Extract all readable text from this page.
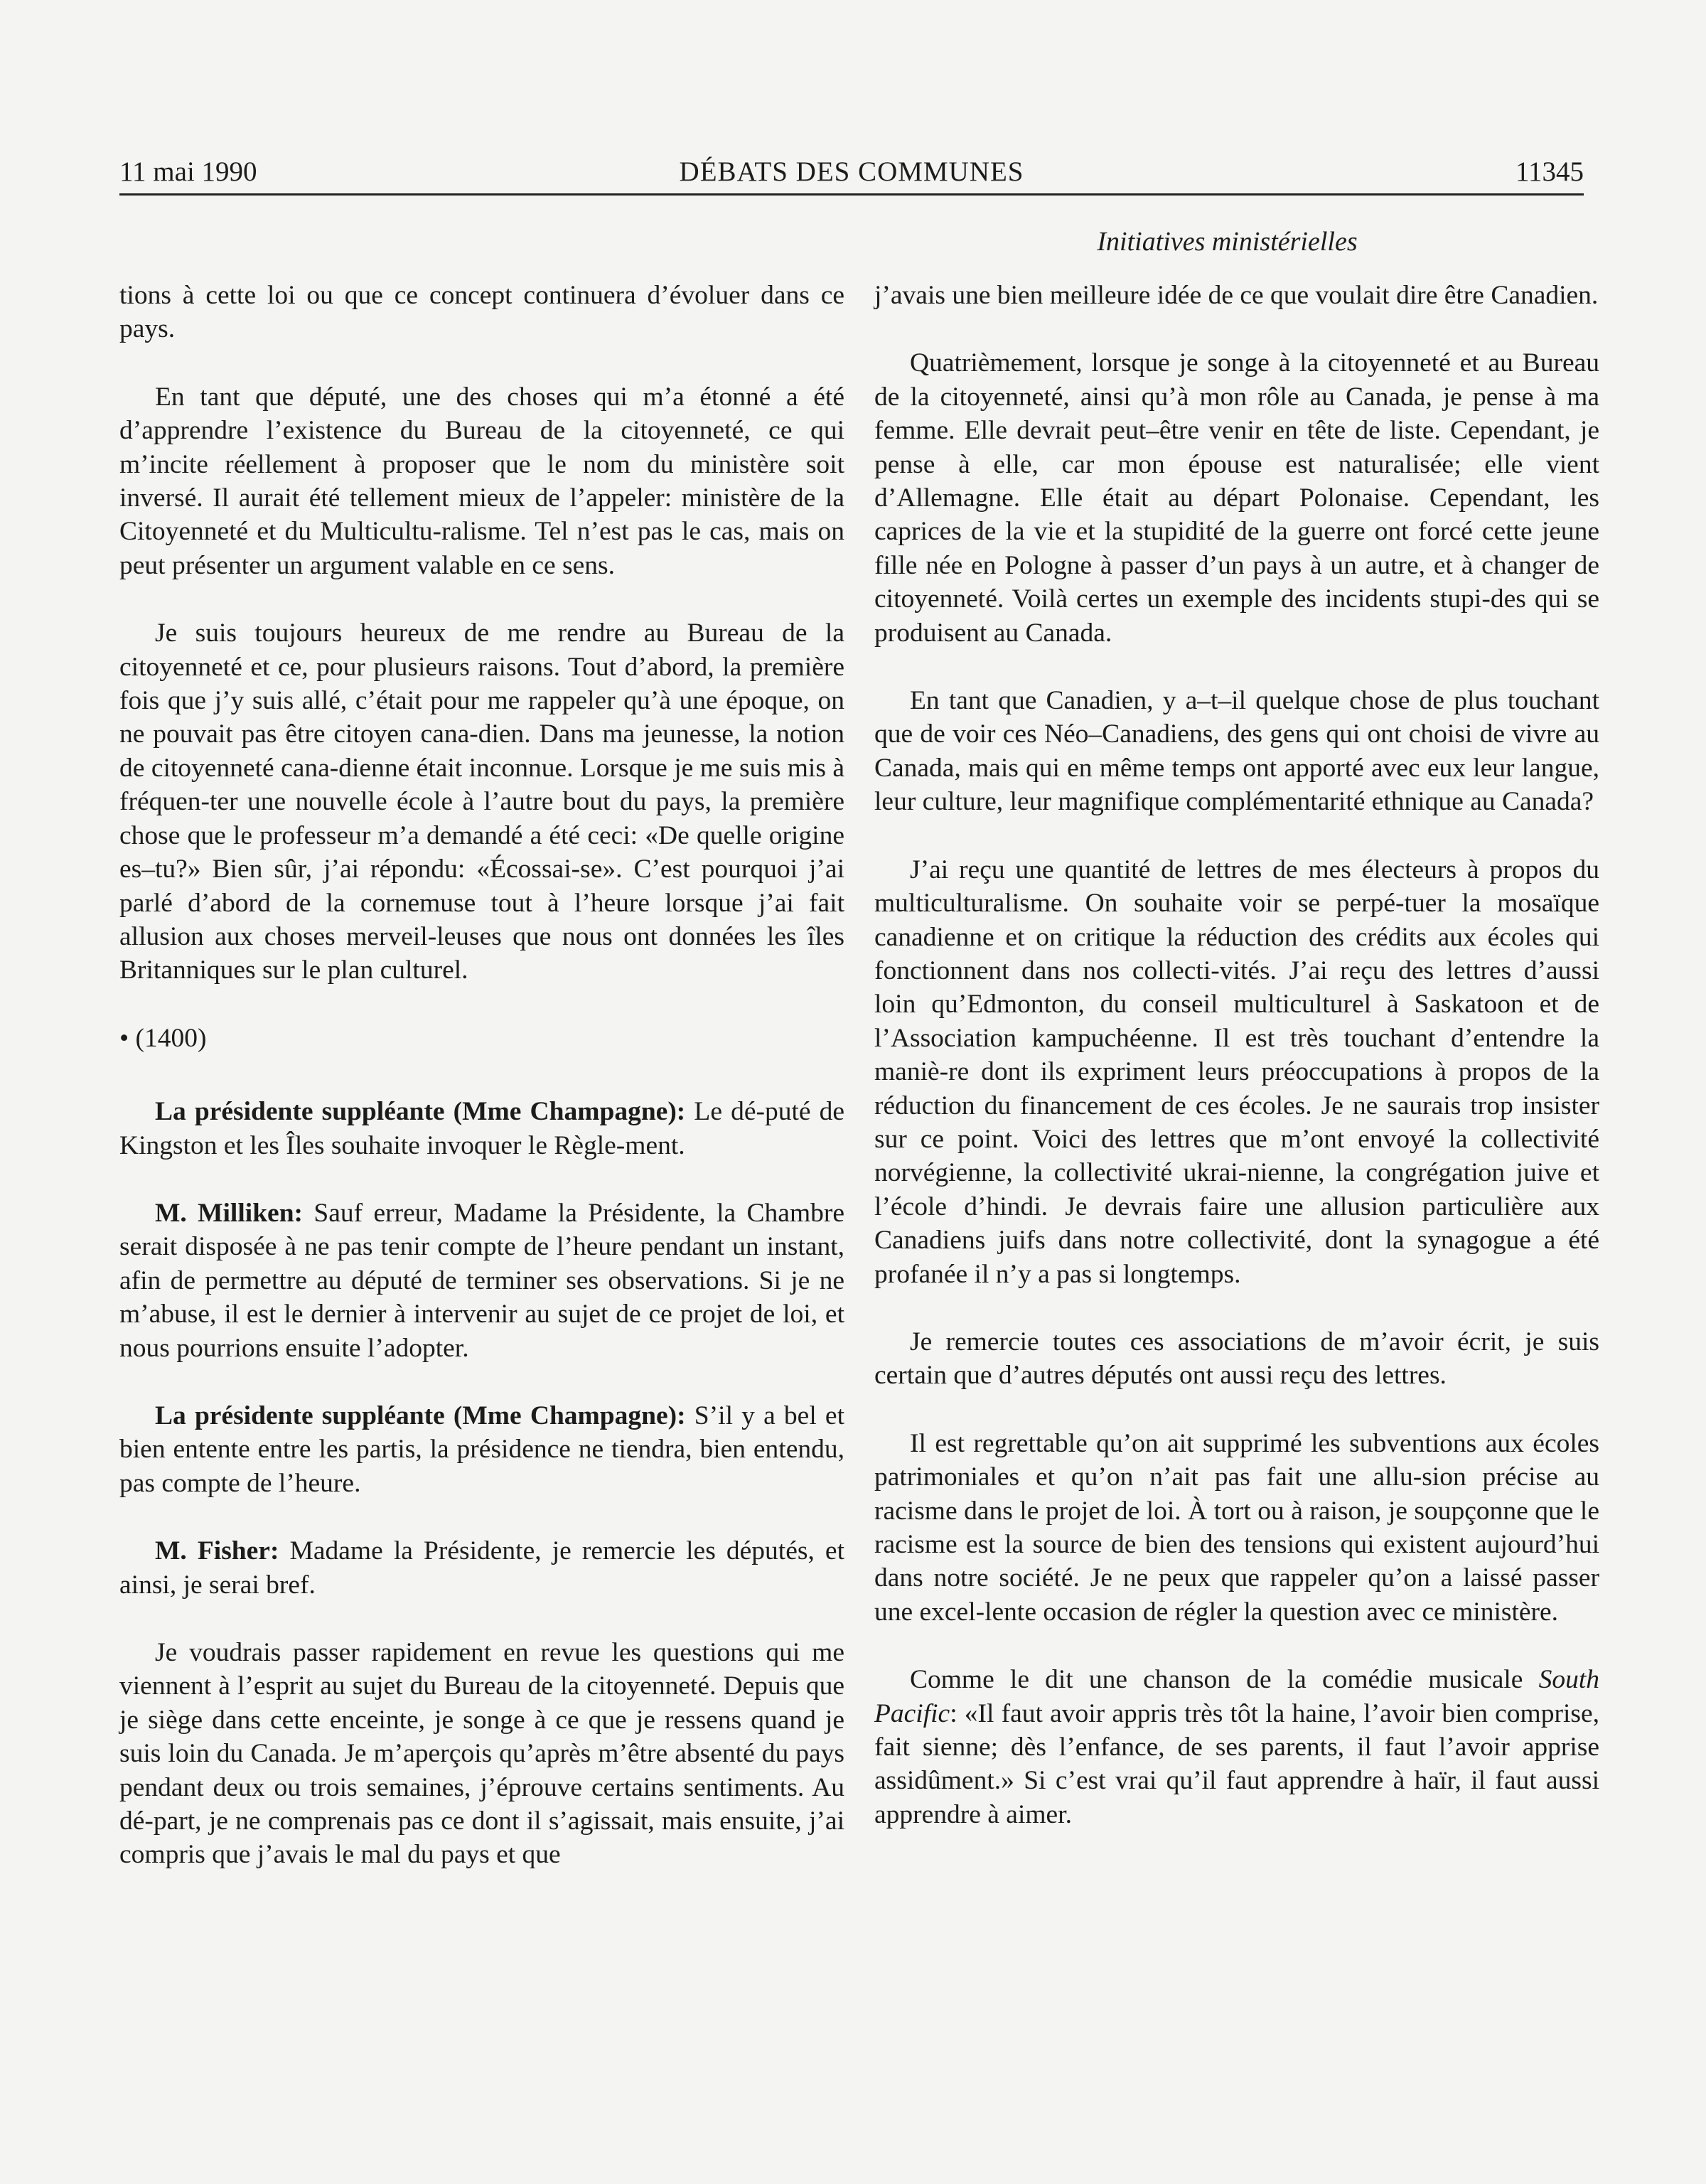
11 mai 1990	DÉBATS DES COMMUNES	11345
Initiatives ministérielles

tions à cette loi ou que ce concept continuera d’évoluer dans ce pays.

En tant que député, une des choses qui m’a étonné a été d’apprendre l’existence du Bureau de la citoyenneté, ce qui m’incite réellement à proposer que le nom du ministère soit inversé. Il aurait été tellement mieux de l’appeler: ministère de la Citoyenneté et du Multicultu-ralisme. Tel n’est pas le cas, mais on peut présenter un argument valable en ce sens.

Je suis toujours heureux de me rendre au Bureau de la citoyenneté et ce, pour plusieurs raisons. Tout d’abord, la première fois que j’y suis allé, c’était pour me rappeler qu’à une époque, on ne pouvait pas être citoyen cana-dien. Dans ma jeunesse, la notion de citoyenneté cana-dienne était inconnue. Lorsque je me suis mis à fréquen-ter une nouvelle école à l’autre bout du pays, la première chose que le professeur m’a demandé a été ceci: «De quelle origine es–tu?» Bien sûr, j’ai répondu: «Écossai-se». C’est pourquoi j’ai parlé d’abord de la cornemuse tout à l’heure lorsque j’ai fait allusion aux choses merveil-leuses que nous ont données les îles Britanniques sur le plan culturel.

• (1400)

La présidente suppléante (Mme Champagne): Le dé-puté de Kingston et les Îles souhaite invoquer le Règle-ment.

M. Milliken: Sauf erreur, Madame la Présidente, la Chambre serait disposée à ne pas tenir compte de l’heure pendant un instant, afin de permettre au député de terminer ses observations. Si je ne m’abuse, il est le dernier à intervenir au sujet de ce projet de loi, et nous pourrions ensuite l’adopter.

La présidente suppléante (Mme Champagne): S’il y a bel et bien entente entre les partis, la présidence ne tiendra, bien entendu, pas compte de l’heure.

M. Fisher: Madame la Présidente, je remercie les députés, et ainsi, je serai bref.

Je voudrais passer rapidement en revue les questions qui me viennent à l’esprit au sujet du Bureau de la citoyenneté. Depuis que je siège dans cette enceinte, je songe à ce que je ressens quand je suis loin du Canada. Je m’aperçois qu’après m’être absenté du pays pendant deux ou trois semaines, j’éprouve certains sentiments. Au dé-part, je ne comprenais pas ce dont il s’agissait, mais ensuite, j’ai compris que j’avais le mal du pays et que

j’avais une bien meilleure idée de ce que voulait dire être Canadien.

Quatrièmement, lorsque je songe à la citoyenneté et au Bureau de la citoyenneté, ainsi qu’à mon rôle au Canada, je pense à ma femme. Elle devrait peut–être venir en tête de liste. Cependant, je pense à elle, car mon épouse est naturalisée; elle vient d’Allemagne. Elle était au départ Polonaise. Cependant, les caprices de la vie et la stupidité de la guerre ont forcé cette jeune fille née en Pologne à passer d’un pays à un autre, et à changer de citoyenneté. Voilà certes un exemple des incidents stupi-des qui se produisent au Canada.

En tant que Canadien, y a–t–il quelque chose de plus touchant que de voir ces Néo–Canadiens, des gens qui ont choisi de vivre au Canada, mais qui en même temps ont apporté avec eux leur langue, leur culture, leur magnifique complémentarité ethnique au Canada?

J’ai reçu une quantité de lettres de mes électeurs à propos du multiculturalisme. On souhaite voir se perpé-tuer la mosaïque canadienne et on critique la réduction des crédits aux écoles qui fonctionnent dans nos collecti-vités. J’ai reçu des lettres d’aussi loin qu’Edmonton, du conseil multiculturel à Saskatoon et de l’Association kampuchéenne. Il est très touchant d’entendre la maniè-re dont ils expriment leurs préoccupations à propos de la réduction du financement de ces écoles. Je ne saurais trop insister sur ce point. Voici des lettres que m’ont envoyé la collectivité norvégienne, la collectivité ukrai-nienne, la congrégation juive et l’école d’hindi. Je devrais faire une allusion particulière aux Canadiens juifs dans notre collectivité, dont la synagogue a été profanée il n’y a pas si longtemps.

Je remercie toutes ces associations de m’avoir écrit, je suis certain que d’autres députés ont aussi reçu des lettres.

Il est regrettable qu’on ait supprimé les subventions aux écoles patrimoniales et qu’on n’ait pas fait une allu-sion précise au racisme dans le projet de loi. À tort ou à raison, je soupçonne que le racisme est la source de bien des tensions qui existent aujourd’hui dans notre société. Je ne peux que rappeler qu’on a laissé passer une excel-lente occasion de régler la question avec ce ministère.

Comme le dit une chanson de la comédie musicale South Pacific: «Il faut avoir appris très tôt la haine, l’avoir bien comprise, fait sienne; dès l’enfance, de ses parents, il faut l’avoir apprise assidûment.» Si c’est vrai qu’il faut apprendre à haïr, il faut aussi apprendre à aimer.
